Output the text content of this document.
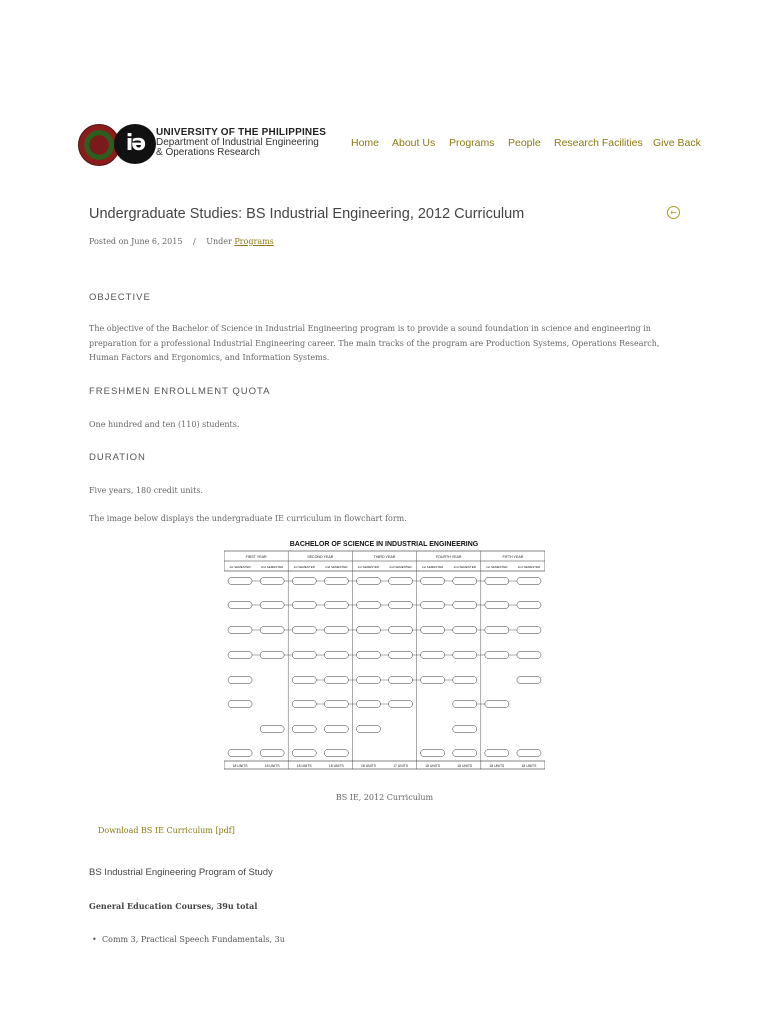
iə	UNIVERSITY OF THE PHILIPPINES
Department of Industrial Engineering
& Operations Research
Home About Us Programs People Research Facilities Give Back
Undergraduate Studies: BS Industrial Engineering, 2012 Curriculum	←
Posted on June 6, 2015 / Under Programs
OBJECTIVE
The objective of the Bachelor of Science in Industrial Engineering program is to provide a sound foundation in science and engineering in preparation for a professional Industrial Engineering career. The main tracks of the program are Production Systems, Operations Research, Human Factors and Ergonomics, and Information Systems.
FRESHMEN ENROLLMENT QUOTA
One hundred and ten (110) students.
DURATION
Five years, 180 credit units.
The image below displays the undergraduate IE curriculum in flowchart form.
BACHELOR OF SCIENCE IN INDUSTRIAL ENGINEERING
FIRST YEAR
1st SEMESTER	2nd SEMESTER
SECOND YEAR
1st SEMESTER	2nd SEMESTER
THIRD YEAR
1st SEMESTER	2nd SEMESTER
FOURTH YEAR
1st SEMESTER	2nd SEMESTER
FIFTH YEAR
1st SEMESTER	2nd SEMESTER
18 UNITS	18 UNITS	18 UNITS	18 UNITS	18 UNITS	17 UNITS	18 UNITS	18 UNITS	18 UNITS	18 UNITS
BS IE, 2012 Curriculum
Download BS IE Curriculum [pdf]
BS Industrial Engineering Program of Study
General Education Courses, 39u total
• Comm 3, Practical Speech Fundamentals, 3u
